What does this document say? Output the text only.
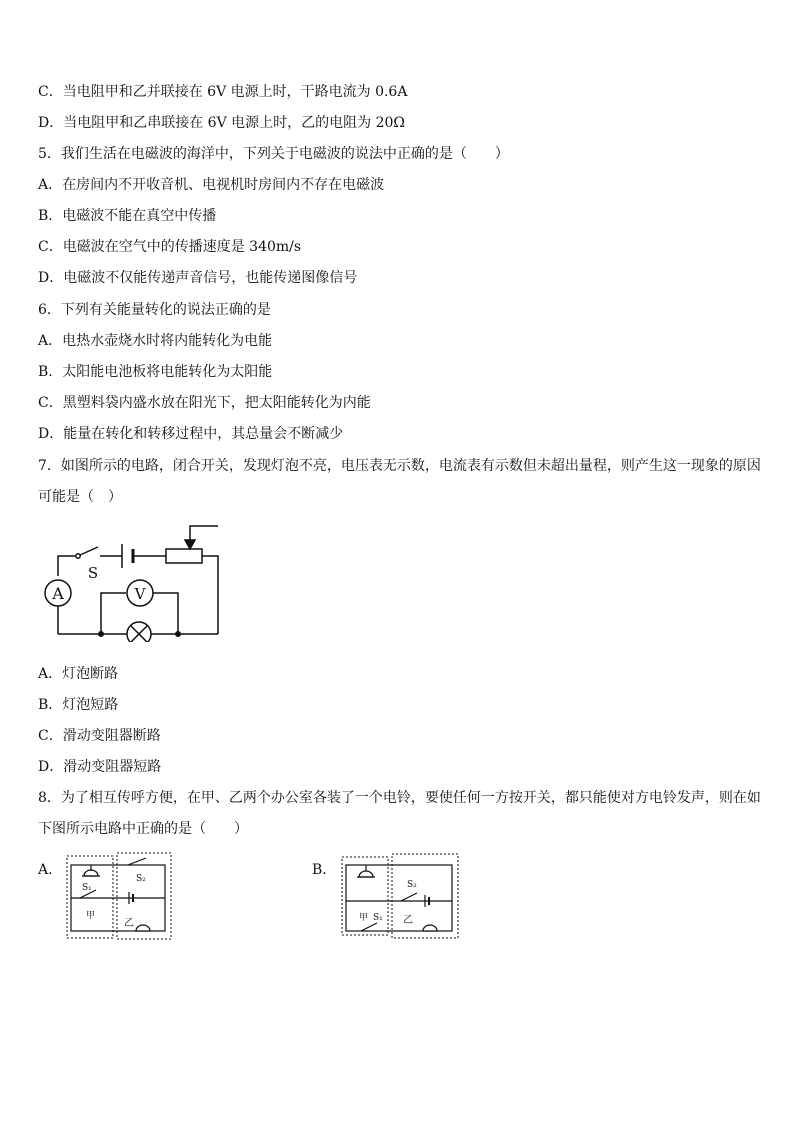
C．当电阻甲和乙并联接在 6V 电源上时，干路电流为 0.6A
D．当电阻甲和乙串联接在 6V 电源上时，乙的电阻为 20Ω
5．我们生活在电磁波的海洋中，下列关于电磁波的说法中正确的是（　　）
A．在房间内不开收音机、电视机时房间内不存在电磁波
B．电磁波不能在真空中传播
C．电磁波在空气中的传播速度是 340m/s
D．电磁波不仅能传递声音信号，也能传递图像信号
6．下列有关能量转化的说法正确的是
A．电热水壶烧水时将内能转化为电能
B．太阳能电池板将电能转化为太阳能
C．黑塑料袋内盛水放在阳光下，把太阳能转化为内能
D．能量在转化和转移过程中，其总量会不断减少
7．如图所示的电路，闭合开关，发现灯泡不亮，电压表无示数，电流表有示数但未超出量程，则产生这一现象的原因
可能是（　）
A	V
S
A．灯泡断路
B．灯泡短路
C．滑动变阻器断路
D．滑动变阻器短路
8．为了相互传呼方便，在甲、乙两个办公室各装了一个电铃，要使任何一方按开关，都只能使对方电铃发声，则在如
下图所示电路中正确的是（　　）
A．
S₂
S₁
甲
乙
B．
S₂
甲 S₁ 乙
